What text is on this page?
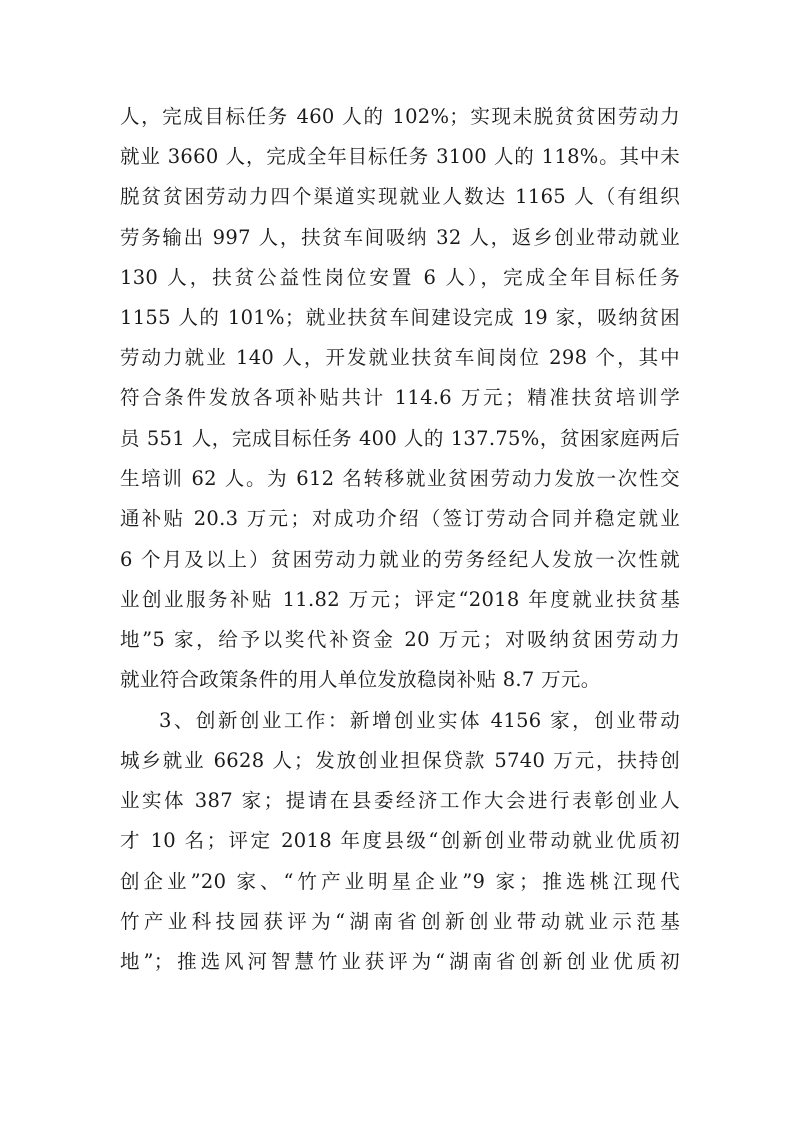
人，完成目标任务 460 人的 102%；实现未脱贫贫困劳动力
就业 3660 人，完成全年目标任务 3100 人的 118%。其中未
脱贫贫困劳动力四个渠道实现就业人数达 1165 人（有组织
劳务输出 997 人，扶贫车间吸纳 32 人，返乡创业带动就业
130 人，扶贫公益性岗位安置 6 人），完成全年目标任务
1155 人的 101%；就业扶贫车间建设完成 19 家，吸纳贫困
劳动力就业 140 人，开发就业扶贫车间岗位 298 个，其中
符合条件发放各项补贴共计 114.6 万元；精准扶贫培训学
员 551 人，完成目标任务 400 人的 137.75%，贫困家庭两后
生培训 62 人。为 612 名转移就业贫困劳动力发放一次性交
通补贴 20.3 万元；对成功介绍（签订劳动合同并稳定就业
6 个月及以上）贫困劳动力就业的劳务经纪人发放一次性就
业创业服务补贴 11.82 万元；评定“2018 年度就业扶贫基
地”5 家，给予以奖代补资金 20 万元；对吸纳贫困劳动力
就业符合政策条件的用人单位发放稳岗补贴 8.7 万元。
3、创新创业工作：新增创业实体 4156 家，创业带动
城乡就业 6628 人；发放创业担保贷款 5740 万元，扶持创
业实体 387 家；提请在县委经济工作大会进行表彰创业人
才 10 名；评定 2018 年度县级“创新创业带动就业优质初
创企业”20 家、“竹产业明星企业”9 家；推选桃江现代
竹产业科技园获评为“湖南省创新创业带动就业示范基
地”；推选风河智慧竹业获评为“湖南省创新创业优质初
